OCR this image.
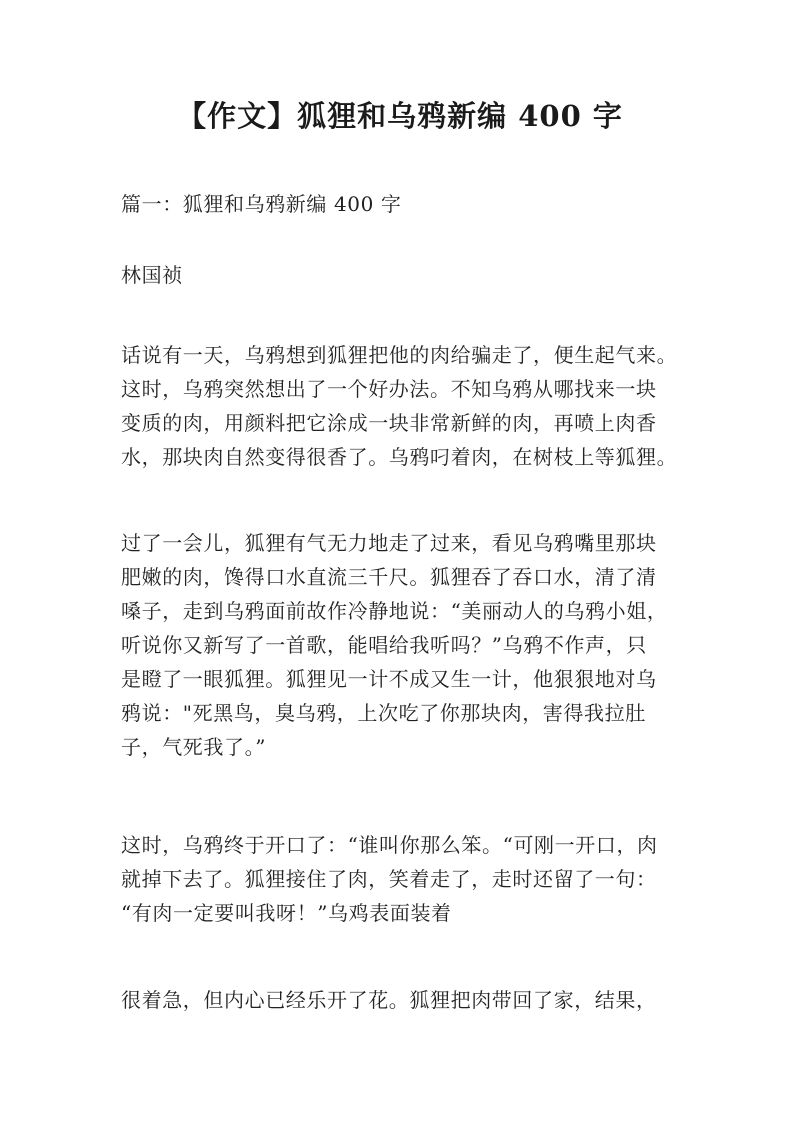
【作文】狐狸和乌鸦新编 400 字
篇一：狐狸和乌鸦新编 400 字
林国祯
话说有一天，乌鸦想到狐狸把他的肉给骗走了，便生起气来。
这时，乌鸦突然想出了一个好办法。不知乌鸦从哪找来一块
变质的肉，用颜料把它涂成一块非常新鲜的肉，再喷上肉香
水，那块肉自然变得很香了。乌鸦叼着肉，在树枝上等狐狸。
过了一会儿，狐狸有气无力地走了过来，看见乌鸦嘴里那块
肥嫩的肉，馋得口水直流三千尺。狐狸吞了吞口水，清了清
嗓子，走到乌鸦面前故作冷静地说：“美丽动人的乌鸦小姐，
听说你又新写了一首歌，能唱给我听吗？”乌鸦不作声，只
是瞪了一眼狐狸。狐狸见一计不成又生一计，他狠狠地对乌
鸦说："死黑鸟，臭乌鸦，上次吃了你那块肉，害得我拉肚
子，气死我了。”
这时，乌鸦终于开口了：“谁叫你那么笨。“可刚一开口，肉
就掉下去了。狐狸接住了肉，笑着走了，走时还留了一句：
“有肉一定要叫我呀！”乌鸡表面装着
很着急，但内心已经乐开了花。狐狸把肉带回了家，结果，
